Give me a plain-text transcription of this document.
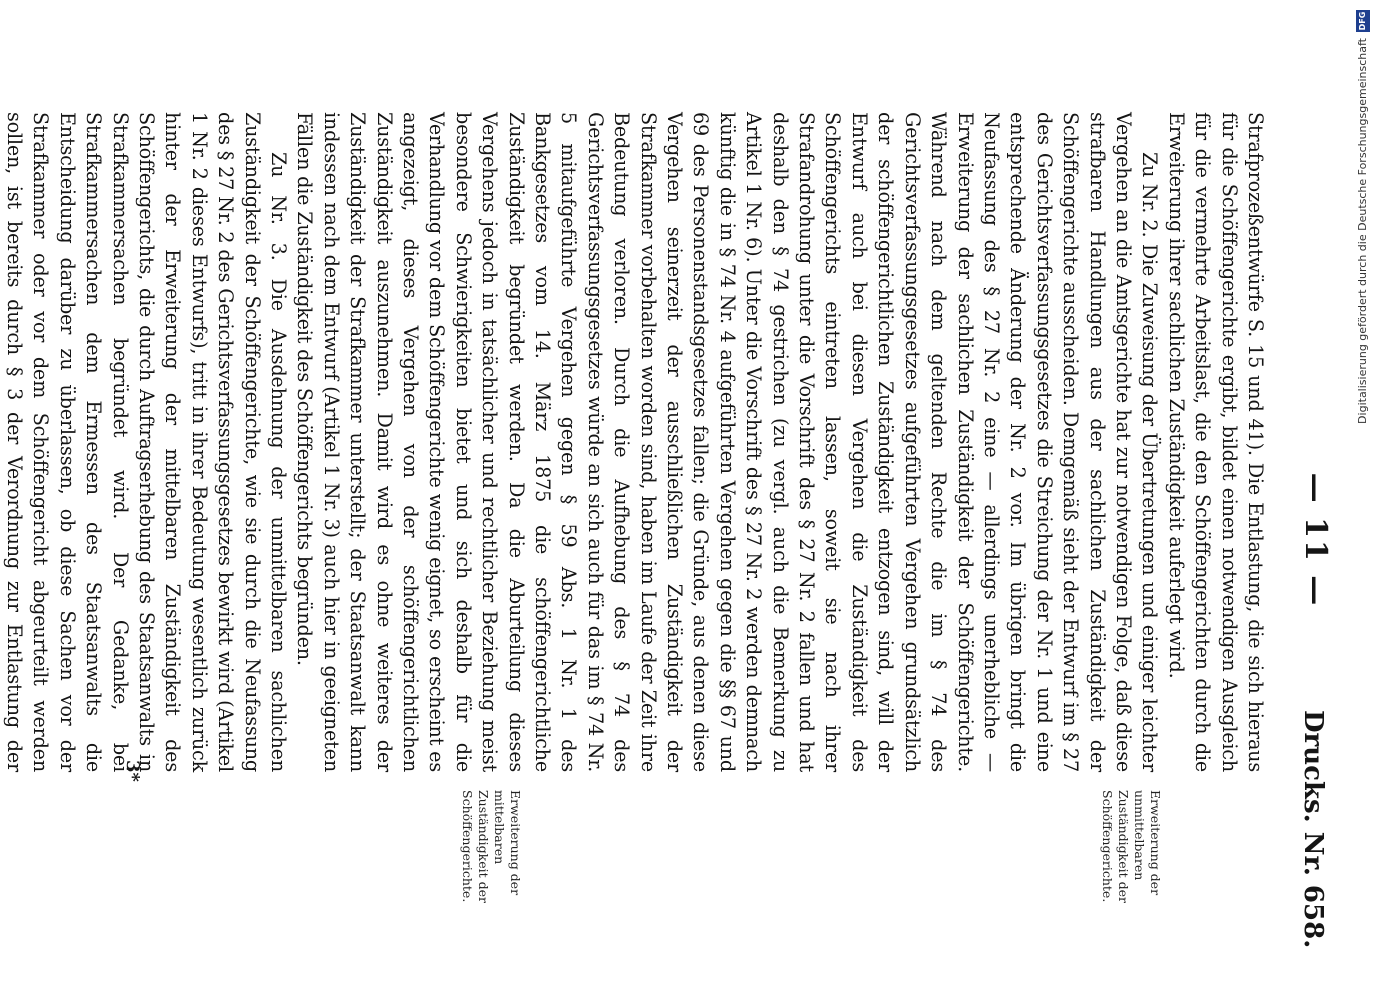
— 11 —
Drucks. Nr. 658.

Strafprozeßentwürfe S. 15 und 41). Die Entlastung, die sich hieraus für die Schöffengerichte ergibt, bildet einen notwendigen Ausgleich für die vermehrte Arbeitslast, die den Schöffengerichten durch die Erweiterung ihrer sachlichen Zuständigkeit auferlegt wird.

Zu Nr. 2. Die Zuweisung der Übertretungen und einiger leichter Vergehen an die Amtsgerichte hat zur notwendigen Folge, daß diese strafbaren Handlungen aus der sachlichen Zuständigkeit der Schöffengerichte ausscheiden. Demgemäß sieht der Entwurf im § 27 des Gerichtsverfassungsgesetzes die Streichung der Nr. 1 und eine entsprechende Änderung der Nr. 2 vor. Im übrigen bringt die Neufassung des § 27 Nr. 2 eine — allerdings unerhebliche — Erweiterung der sachlichen Zuständigkeit der Schöffengerichte. Während nach dem geltenden Rechte die im § 74 des Gerichtsverfassungsgesetzes aufgeführten Vergehen grundsätzlich der schöffengerichtlichen Zuständigkeit entzogen sind, will der Entwurf auch bei diesen Vergehen die Zuständigkeit des Schöffengerichts eintreten lassen, soweit sie nach ihrer Strafandrohung unter die Vorschrift des § 27 Nr. 2 fallen und hat deshalb den § 74 gestrichen (zu vergl. auch die Bemerkung zu Artikel 1 Nr. 6). Unter die Vorschrift des § 27 Nr. 2 werden demnach künftig die in § 74 Nr. 4 aufgeführten Vergehen gegen die §§ 67 und 69 des Personenstandsgesetzes fallen; die Gründe, aus denen diese Vergehen seinerzeit der ausschließlichen Zuständigkeit der Strafkammer vorbehalten worden sind, haben im Laufe der Zeit ihre Bedeutung verloren. Durch die Aufhebung des § 74 des Gerichtsverfassungsgesetzes würde an sich auch für das im § 74 Nr. 5 mitaufgeführte Vergehen gegen § 59 Abs. 1 Nr. 1 des Bankgesetzes vom 14. März 1875 die schöffengerichtliche Zuständigkeit begründet werden. Da die Aburteilung dieses Vergehens jedoch in tatsächlicher und rechtlicher Beziehung meist besondere Schwierigkeiten bietet und sich deshalb für die Verhandlung vor dem Schöffengerichte wenig eignet, so erscheint es angezeigt, dieses Vergehen von der schöffengerichtlichen Zuständigkeit auszunehmen. Damit wird es ohne weiteres der Zuständigkeit der Strafkammer unterstellt; der Staatsanwalt kann indessen nach dem Entwurf (Artikel 1 Nr. 3) auch hier in geeigneten Fällen die Zuständigkeit des Schöffengerichts begründen.

Zu Nr. 3. Die Ausdehnung der unmittelbaren sachlichen Zuständigkeit der Schöffengerichte, wie sie durch die Neufassung des § 27 Nr. 2 des Gerichtsverfassungsgesetzes bewirkt wird (Artikel 1 Nr. 2 dieses Entwurfs), tritt in ihrer Bedeutung wesentlich zurück hinter der Erweiterung der mittelbaren Zuständigkeit des Schöffengerichts, die durch Auftragserhebung des Staatsanwalts in Strafkammersachen begründet wird. Der Gedanke, bei Strafkammersachen dem Ermessen des Staatsanwalts die Entscheidung darüber zu überlassen, ob diese Sachen vor der Strafkammer oder vor dem Schöffengericht abgeurteilt werden sollen, ist bereits durch § 3 der Verordnung zur Entlastung der

Erweiterung der unmittelbaren Zuständigkeit der Schöffengerichte.
Erweiterung der mittelbaren Zuständigkeit der Schöffengerichte.
3*
Digitalisierung gefördert durch die Deutsche Forschungsgemeinschaft
DFG
